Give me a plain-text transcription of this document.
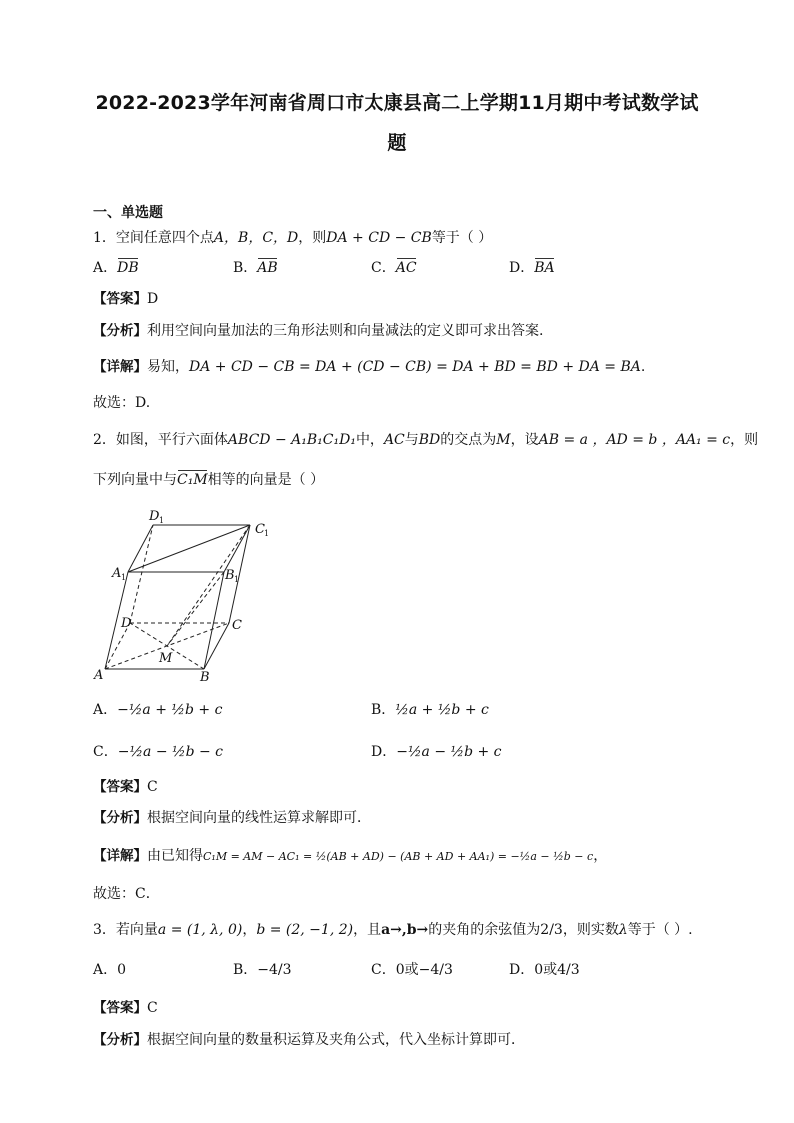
2022-2023学年河南省周口市太康县高二上学期11月期中考试数学试
题
一、单选题
1．空间任意四个点A，B，C，D，则DA + CD − CB等于（ ）
A．DB	B．AB	C．AC	D．BA
【答案】D
【分析】利用空间向量加法的三角形法则和向量减法的定义即可求出答案.
【详解】易知，DA + CD − CB = DA + (CD − CB) = DA + BD = BD + DA = BA.
故选：D.
2．如图，平行六面体ABCD − A₁B₁C₁D₁中，AC与BD的交点为M，设AB = a ，AD = b ，AA₁ = c，则
下列向量中与C₁M相等的向量是（ ）
A	B
C
D
M
A 1	B 1
C 1
D 1
A．−½a + ½b + c	B．½a + ½b + c
C．−½a − ½b − c	D．−½a − ½b + c
【答案】C
【分析】根据空间向量的线性运算求解即可．
【详解】由已知得C₁M = AM − AC₁ = ½(AB + AD) − (AB + AD + AA₁) = −½a − ½b − c，
故选：C．
3．若向量a = (1, λ, 0)，b = (2, −1, 2)，且a→,b→的夹角的余弦值为2/3，则实数λ等于（ ）.
A．0	B．−4/3	C．0或−4/3	D．0或4/3
【答案】C
【分析】根据空间向量的数量积运算及夹角公式，代入坐标计算即可．
